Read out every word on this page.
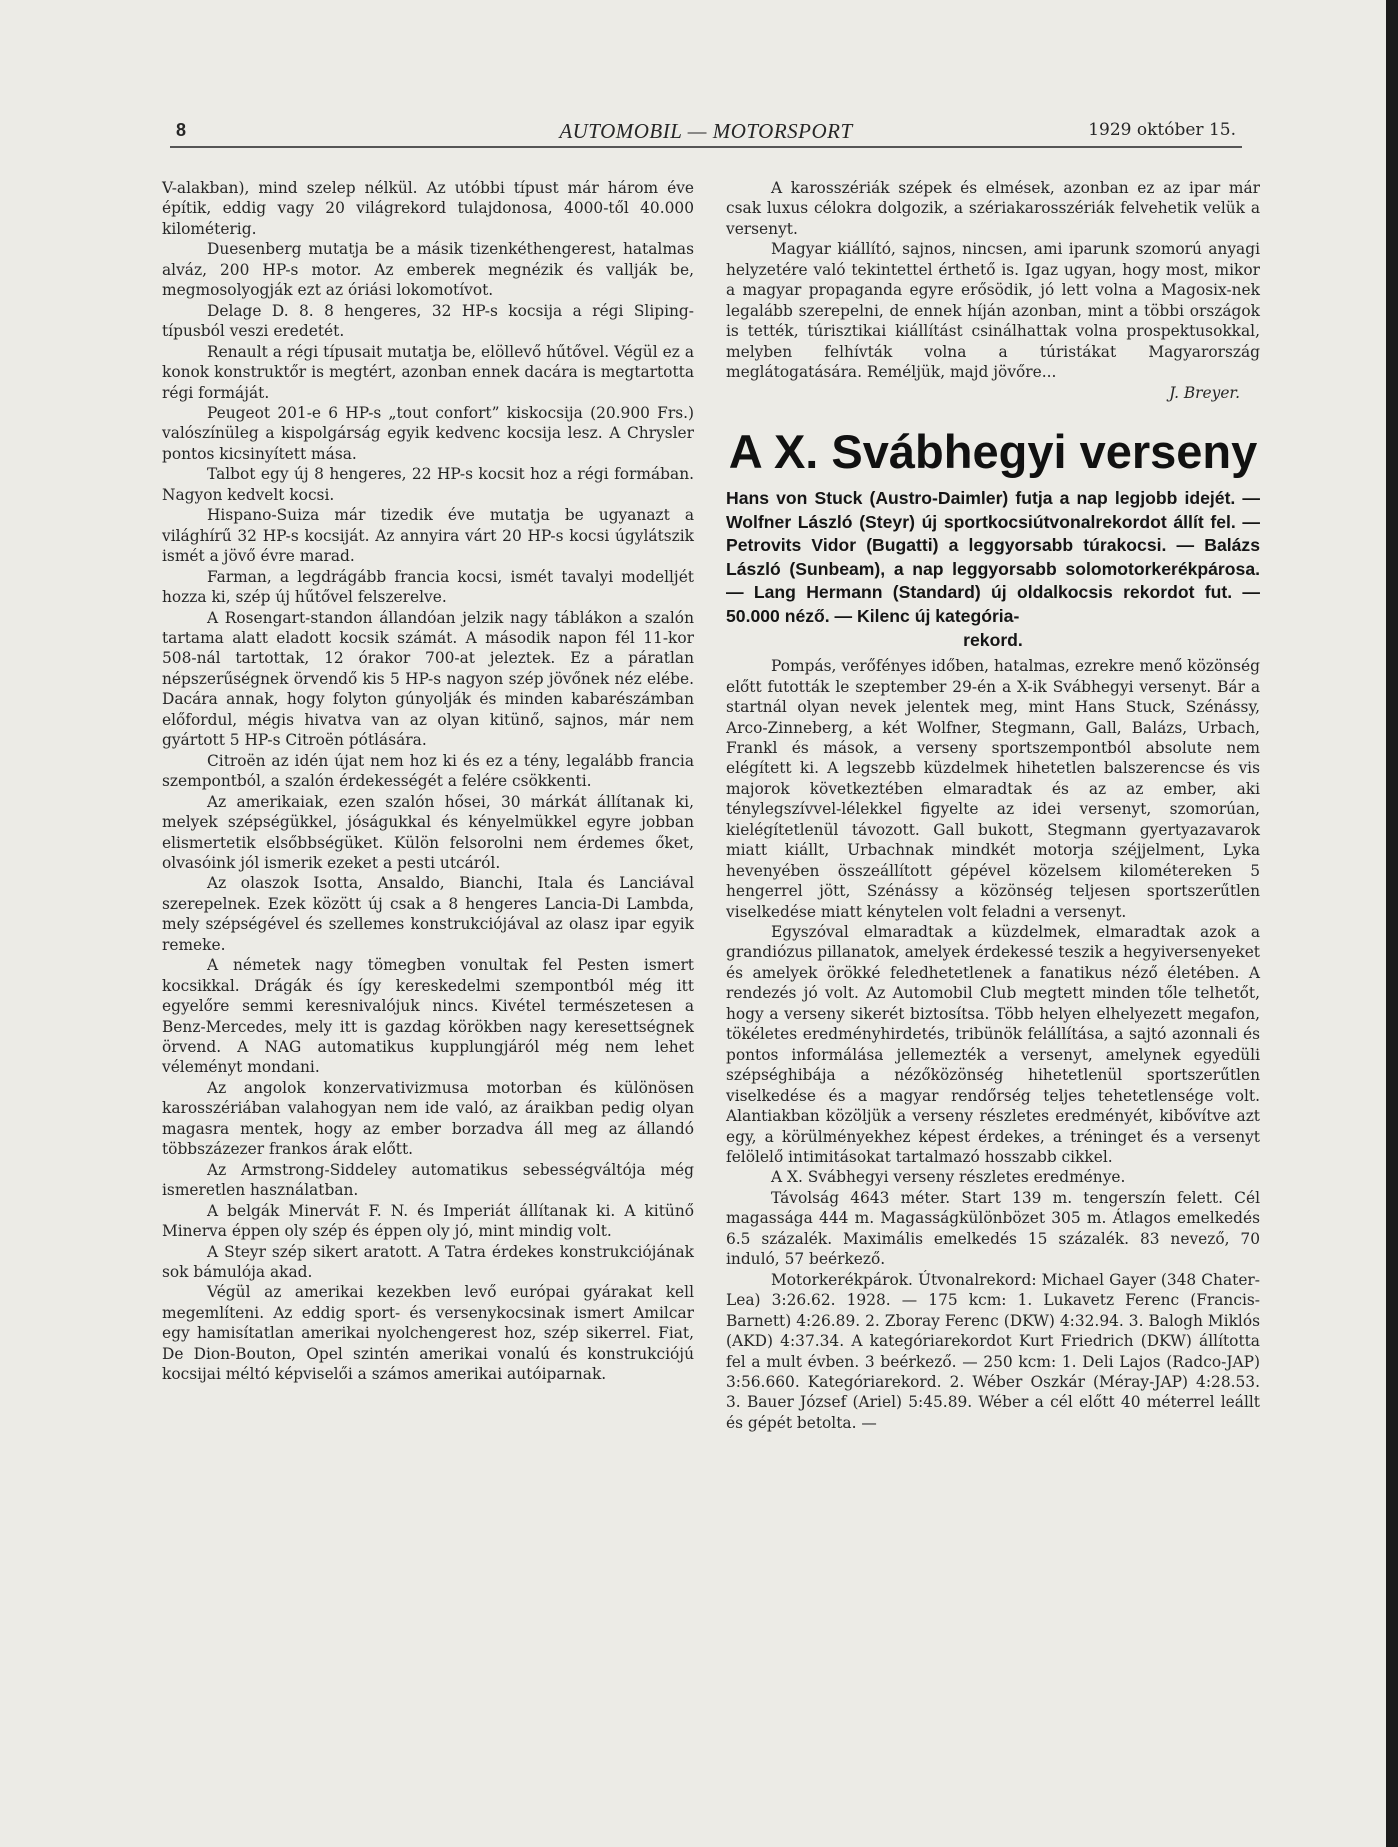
8	AUTOMOBIL — MOTORSPORT	1929 október 15.

V-alakban), mind szelep nélkül. Az utóbbi típust már három éve építik, eddig vagy 20 világrekord tulajdonosa, 4000-től 40.000 kilométerig.

Duesenberg mutatja be a másik tizenkéthengerest, hatalmas alváz, 200 HP-s motor. Az emberek megnézik és vallják be, megmosolyogják ezt az óriási lokomotívot.

Delage D. 8. 8 hengeres, 32 HP-s kocsija a régi Sliping-típusból veszi eredetét.

Renault a régi típusait mutatja be, elöllevő hűtővel. Végül ez a konok konstruktőr is megtért, azonban ennek dacára is megtartotta régi formáját.

Peugeot 201-e 6 HP-s „tout confort” kiskocsija (20.900 Frs.) valószínüleg a kispolgárság egyik kedvenc kocsija lesz. A Chrysler pontos kicsinyített mása.

Talbot egy új 8 hengeres, 22 HP-s kocsit hoz a régi formában. Nagyon kedvelt kocsi.

Hispano-Suiza már tizedik éve mutatja be ugyanazt a világhírű 32 HP-s kocsiját. Az annyira várt 20 HP-s kocsi úgylátszik ismét a jövő évre marad.

Farman, a legdrágább francia kocsi, ismét tavalyi modelljét hozza ki, szép új hűtővel felszerelve.

A Rosengart-standon állandóan jelzik nagy táblákon a szalón tartama alatt eladott kocsik számát. A második napon fél 11-kor 508-nál tartottak, 12 órakor 700-at jeleztek. Ez a páratlan népszerűségnek örvendő kis 5 HP-s nagyon szép jövőnek néz elébe. Dacára annak, hogy folyton gúnyolják és minden kabarészámban előfordul, mégis hivatva van az olyan kitünő, sajnos, már nem gyártott 5 HP-s Citroën pótlására.

Citroën az idén újat nem hoz ki és ez a tény, legalább francia szempontból, a szalón érdekességét a felére csökkenti.

Az amerikaiak, ezen szalón hősei, 30 márkát állítanak ki, melyek szépségükkel, jóságukkal és kényelmükkel egyre jobban elismertetik elsőbbségüket. Külön felsorolni nem érdemes őket, olvasóink jól ismerik ezeket a pesti utcáról.

Az olaszok Isotta, Ansaldo, Bianchi, Itala és Lanciával szerepelnek. Ezek között új csak a 8 hengeres Lancia-Di Lambda, mely szépségével és szellemes konstrukciójával az olasz ipar egyik remeke.

A németek nagy tömegben vonultak fel Pesten ismert kocsikkal. Drágák és így kereskedelmi szempontból még itt egyelőre semmi keresnivalójuk nincs. Kivétel természetesen a Benz-Mercedes, mely itt is gazdag körökben nagy keresettségnek örvend. A NAG automatikus kupplungjáról még nem lehet véleményt mondani.

Az angolok konzervativizmusa motorban és különösen karosszériában valahogyan nem ide való, az áraikban pedig olyan magasra mentek, hogy az ember borzadva áll meg az állandó többszázezer frankos árak előtt.

Az Armstrong-Siddeley automatikus sebességváltója még ismeretlen használatban.

A belgák Minervát F. N. és Imperiát állítanak ki. A kitünő Minerva éppen oly szép és éppen oly jó, mint mindig volt.

A Steyr szép sikert aratott. A Tatra érdekes konstrukciójának sok bámulója akad.

Végül az amerikai kezekben levő európai gyárakat kell megemlíteni. Az eddig sport- és versenykocsinak ismert Amilcar egy hamisítatlan amerikai nyolchengerest hoz, szép sikerrel. Fiat, De Dion-Bouton, Opel szintén amerikai vonalú és konstrukciójú kocsijai méltó képviselői a számos amerikai autóiparnak.

A karosszériák szépek és elmések, azonban ez az ipar már csak luxus célokra dolgozik, a szériakarosszériák felvehetik velük a versenyt.

Magyar kiállító, sajnos, nincsen, ami iparunk szomorú anyagi helyzetére való tekintettel érthető is. Igaz ugyan, hogy most, mikor a magyar propaganda egyre erősödik, jó lett volna a Magosix-nek legalább szerepelni, de ennek híján azonban, mint a többi országok is tették, túrisztikai kiállítást csinálhattak volna prospektusokkal, melyben felhívták volna a túristákat Magyarország meglátogatására. Reméljük, majd jövőre...

J. Breyer.

A X. Svábhegyi verseny
Hans von Stuck (Austro-Daimler) futja a nap legjobb idejét. — Wolfner László (Steyr) új sportkocsiútvonalrekordot állít fel. — Petrovits Vidor (Bugatti) a leggyorsabb túrakocsi. — Balázs László (Sunbeam), a nap leggyorsabb solomotorkerékpárosa. — Lang Hermann (Standard) új oldalkocsis rekordot fut. — 50.000 néző. — Kilenc új kategória-
rekord.

Pompás, verőfényes időben, hatalmas, ezrekre menő közönség előtt futották le szeptember 29-én a X-ik Svábhegyi versenyt. Bár a startnál olyan nevek jelentek meg, mint Hans Stuck, Szénássy, Arco-Zinneberg, a két Wolfner, Stegmann, Gall, Balázs, Urbach, Frankl és mások, a verseny sportszempontból absolute nem elégített ki. A legszebb küzdelmek hihetetlen balszerencse és vis majorok következtében elmaradtak és az az ember, aki ténylegszívvel-lélekkel figyelte az idei versenyt, szomorúan, kielégítetlenül távozott. Gall bukott, Stegmann gyertyazavarok miatt kiállt, Urbachnak mindkét motorja széjjelment, Lyka hevenyében összeállított gépével közelsem kilométereken 5 hengerrel jött, Szénássy a közönség teljesen sportszerűtlen viselkedése miatt kénytelen volt feladni a versenyt.

Egyszóval elmaradtak a küzdelmek, elmaradtak azok a grandiózus pillanatok, amelyek érdekessé teszik a hegyiversenyeket és amelyek örökké feledhetetlenek a fanatikus néző életében. A rendezés jó volt. Az Automobil Club megtett minden tőle telhetőt, hogy a verseny sikerét biztosítsa. Több helyen elhelyezett megafon, tökéletes eredményhirdetés, tribünök felállítása, a sajtó azonnali és pontos informálása jellemezték a versenyt, amelynek egyedüli szépséghibája a nézőközönség hihetetlenül sportszerűtlen viselkedése és a magyar rendőrség teljes tehetetlensége volt. Alantiakban közöljük a verseny részletes eredményét, kibővítve azt egy, a körülményekhez képest érdekes, a tréninget és a versenyt felölelő intimitásokat tartalmazó hosszabb cikkel.

A X. Svábhegyi verseny részletes eredménye.

Távolság 4643 méter. Start 139 m. tengerszín felett. Cél magassága 444 m. Magasságkülönbözet 305 m. Átlagos emelkedés 6.5 százalék. Maximális emelkedés 15 százalék. 83 nevező, 70 induló, 57 beérkező.

Motorkerékpárok. Útvonalrekord: Michael Gayer (348 Chater-Lea) 3:26.62. 1928. — 175 kcm: 1. Lukavetz Ferenc (Francis-Barnett) 4:26.89. 2. Zboray Ferenc (DKW) 4:32.94. 3. Balogh Miklós (AKD) 4:37.34. A kategóriarekordot Kurt Friedrich (DKW) állította fel a mult évben. 3 beérkező. — 250 kcm: 1. Deli Lajos (Radco-JAP) 3:56.660. Kategóriarekord. 2. Wéber Oszkár (Méray-JAP) 4:28.53. 3. Bauer József (Ariel) 5:45.89. Wéber a cél előtt 40 méterrel leállt és gépét betolta. —
